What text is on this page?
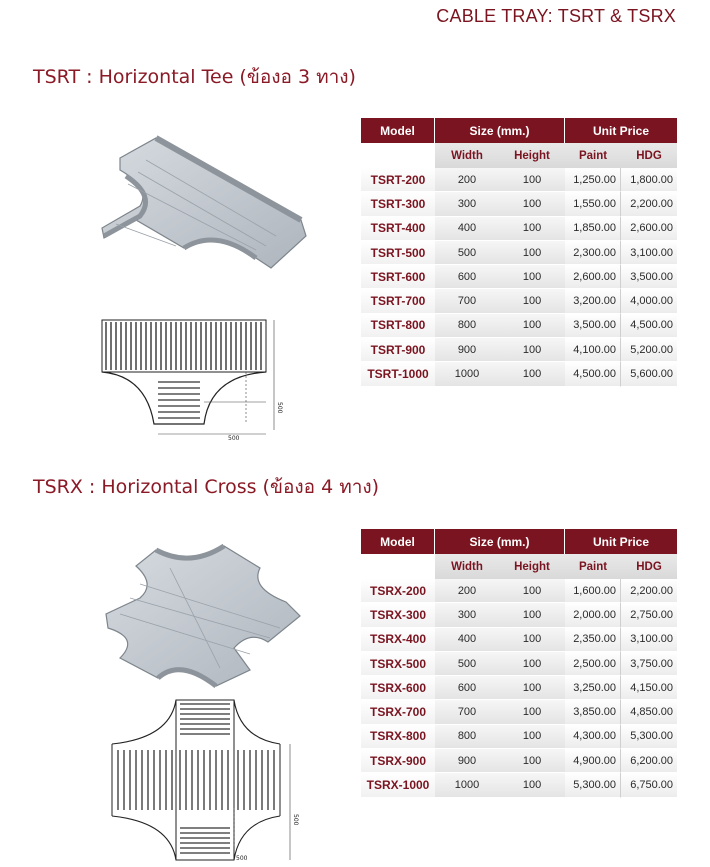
CABLE TRAY: TSRT & TSRX
TSRT : Horizontal Tee (ข้องอ 3 ทาง)
TSRX : Horizontal Cross (ข้องอ 4 ทาง)
500
500
500
500
Model	Size (mm.)		Unit Price	
	Width	Height	Paint	HDG
TSRT-200	200	100	1,250.00	1,800.00
TSRT-300	300	100	1,550.00	2,200.00
TSRT-400	400	100	1,850.00	2,600.00
TSRT-500	500	100	2,300.00	3,100.00
TSRT-600	600	100	2,600.00	3,500.00
TSRT-700	700	100	3,200.00	4,000.00
TSRT-800	800	100	3,500.00	4,500.00
TSRT-900	900	100	4,100.00	5,200.00
TSRT-1000	1000	100	4,500.00	5,600.00
Model	Size (mm.)		Unit Price	
	Width	Height	Paint	HDG
TSRX-200	200	100	1,600.00	2,200.00
TSRX-300	300	100	2,000.00	2,750.00
TSRX-400	400	100	2,350.00	3,100.00
TSRX-500	500	100	2,500.00	3,750.00
TSRX-600	600	100	3,250.00	4,150.00
TSRX-700	700	100	3,850.00	4,850.00
TSRX-800	800	100	4,300.00	5,300.00
TSRX-900	900	100	4,900.00	6,200.00
TSRX-1000	1000	100	5,300.00	6,750.00
